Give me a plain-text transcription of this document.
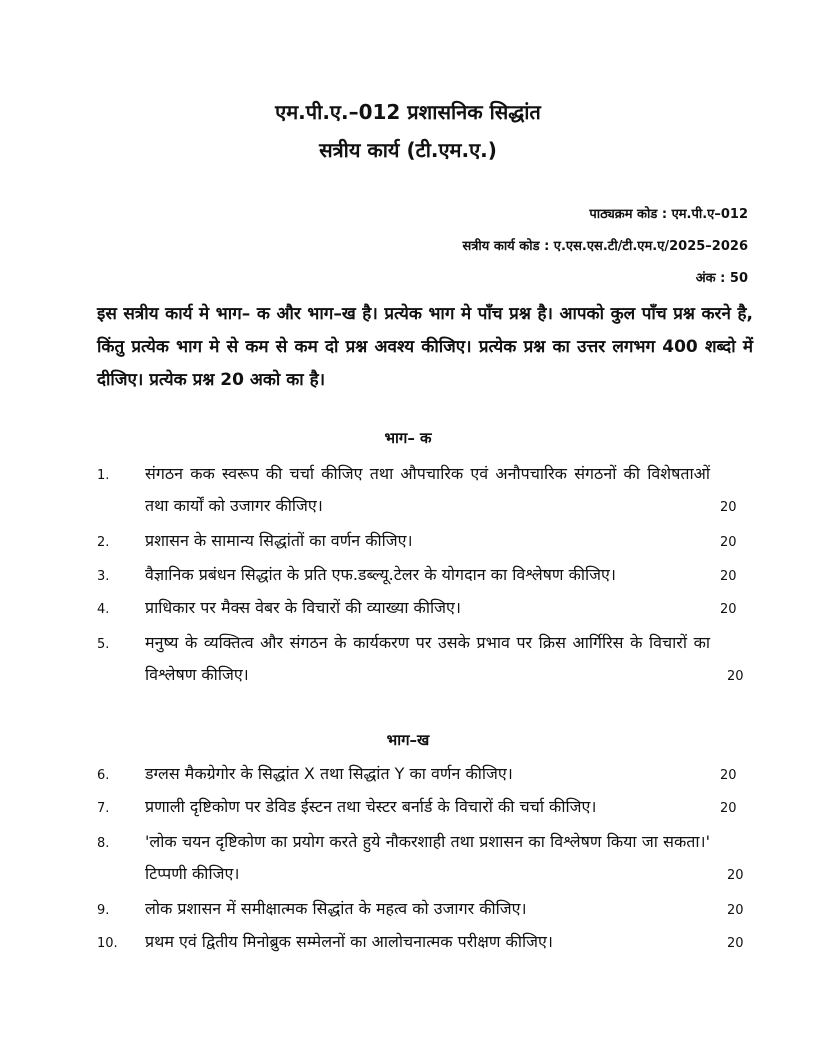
एम.पी.ए.–012 प्रशासनिक सिद्धांत
सत्रीय कार्य (टी.एम.ए.)
पाठ्यक्रम कोड : एम.पी.ए–012
सत्रीय कार्य कोड : ए.एस.एस.टी/टी.एम.ए/2025–2026
अंक : 50
इस सत्रीय कार्य मे भाग– क और भाग–ख है। प्रत्येक भाग मे पाँच प्रश्न है। आपको कुल पाँच प्रश्न करने है, किंतु प्रत्येक भाग मे से कम से कम दो प्रश्न अवश्य कीजिए। प्रत्येक प्रश्न का उत्तर लगभग 400 शब्दो में दीजिए। प्रत्येक प्रश्न 20 अको का है।
भाग– क
1. संगठन कक स्वरूप की चर्चा कीजिए तथा औपचारिक एवं अनौपचारिक संगठनों की विशेषताओं तथा कार्यों को उजागर कीजिए।	20
2. प्रशासन के सामान्य सिद्धांतों का वर्णन कीजिए।	20
3. वैज्ञानिक प्रबंधन सिद्धांत के प्रति एफ.डब्ल्यू.टेलर के योगदान का विश्लेषण कीजिए।	20
4. प्राधिकार पर मैक्स वेबर के विचारों की व्याख्या कीजिए।	20
5. मनुष्य के व्यक्तित्व और संगठन के कार्यकरण पर उसके प्रभाव पर क्रिस आर्गिरिस के विचारों का विश्लेषण कीजिए।	20
भाग–ख
6. डग्लस मैकग्रेगोर के सिद्धांत X तथा सिद्धांत Y का वर्णन कीजिए।	20
7. प्रणाली दृष्टिकोण पर डेविड ईस्टन तथा चेस्टर बर्नार्ड के विचारों की चर्चा कीजिए।	20
8. 'लोक चयन दृष्टिकोण का प्रयोग करते हुये नौकरशाही तथा प्रशासन का विश्लेषण किया जा सकता।' टिप्पणी कीजिए।	20
9. लोक प्रशासन में समीक्षात्मक सिद्धांत के महत्व को उजागर कीजिए।	20
10. प्रथम एवं द्वितीय मिनोब्रुक सम्मेलनों का आलोचनात्मक परीक्षण कीजिए।	20
